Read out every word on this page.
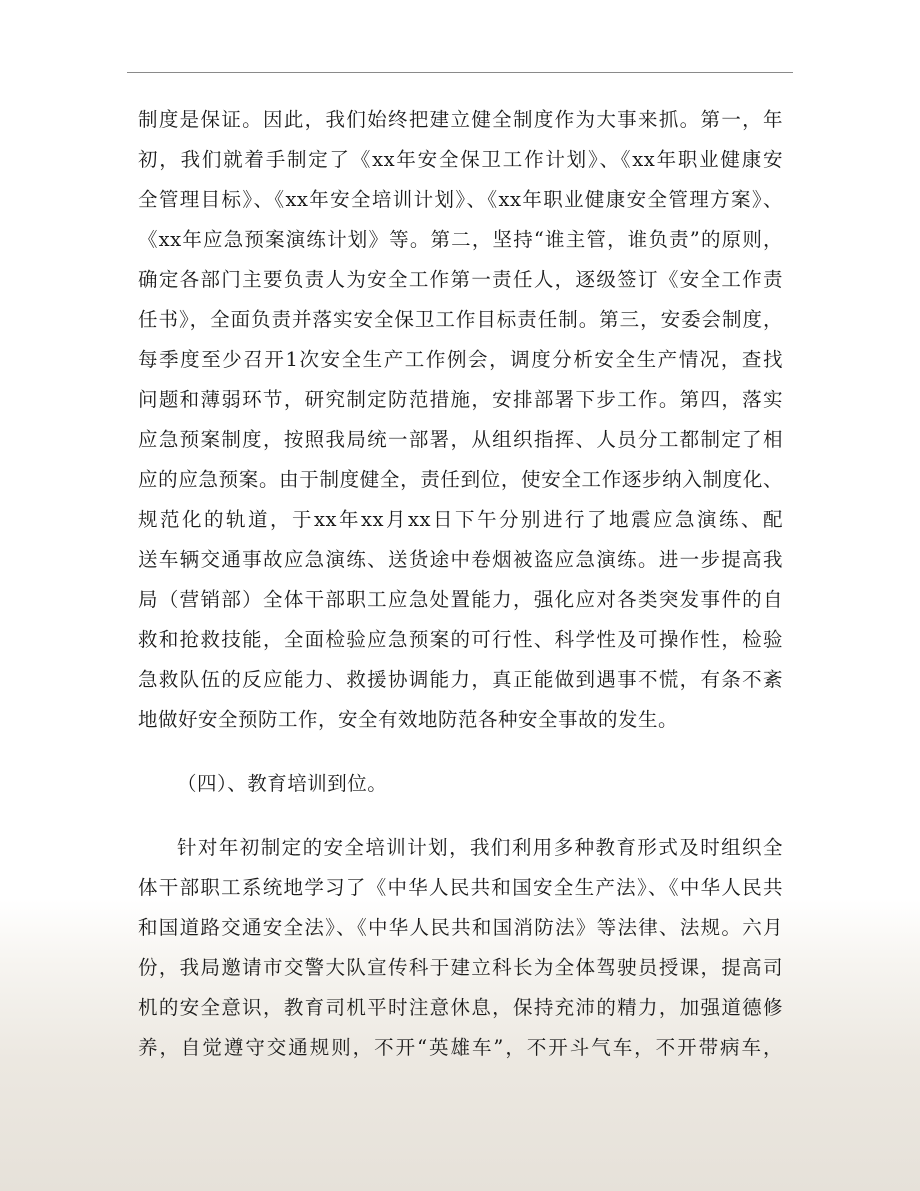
制度是保证。因此，我们始终把建立健全制度作为大事来抓。第一，年
初，我们就着手制定了《xx年安全保卫工作计划》、《xx年职业健康安
全管理目标》、《xx年安全培训计划》、《xx年职业健康安全管理方案》、
《xx年应急预案演练计划》等。第二，坚持“谁主管，谁负责”的原则，
确定各部门主要负责人为安全工作第一责任人，逐级签订《安全工作责
任书》，全面负责并落实安全保卫工作目标责任制。第三，安委会制度，
每季度至少召开1次安全生产工作例会，调度分析安全生产情况，查找
问题和薄弱环节，研究制定防范措施，安排部署下步工作。第四，落实
应急预案制度，按照我局统一部署，从组织指挥、人员分工都制定了相
应的应急预案。由于制度健全，责任到位，使安全工作逐步纳入制度化、
规范化的轨道，于xx年xx月xx日下午分别进行了地震应急演练、配
送车辆交通事故应急演练、送货途中卷烟被盗应急演练。进一步提高我
局（营销部）全体干部职工应急处置能力，强化应对各类突发事件的自
救和抢救技能，全面检验应急预案的可行性、科学性及可操作性，检验
急救队伍的反应能力、救援协调能力，真正能做到遇事不慌，有条不紊
地做好安全预防工作，安全有效地防范各种安全事故的发生。
（四）、教育培训到位。
针对年初制定的安全培训计划，我们利用多种教育形式及时组织全
体干部职工系统地学习了《中华人民共和国安全生产法》、《中华人民共
和国道路交通安全法》、《中华人民共和国消防法》等法律、法规。六月
份，我局邀请市交警大队宣传科于建立科长为全体驾驶员授课，提高司
机的安全意识，教育司机平时注意休息，保持充沛的精力，加强道德修
养，自觉遵守交通规则，不开“英雄车”，不开斗气车，不开带病车，
